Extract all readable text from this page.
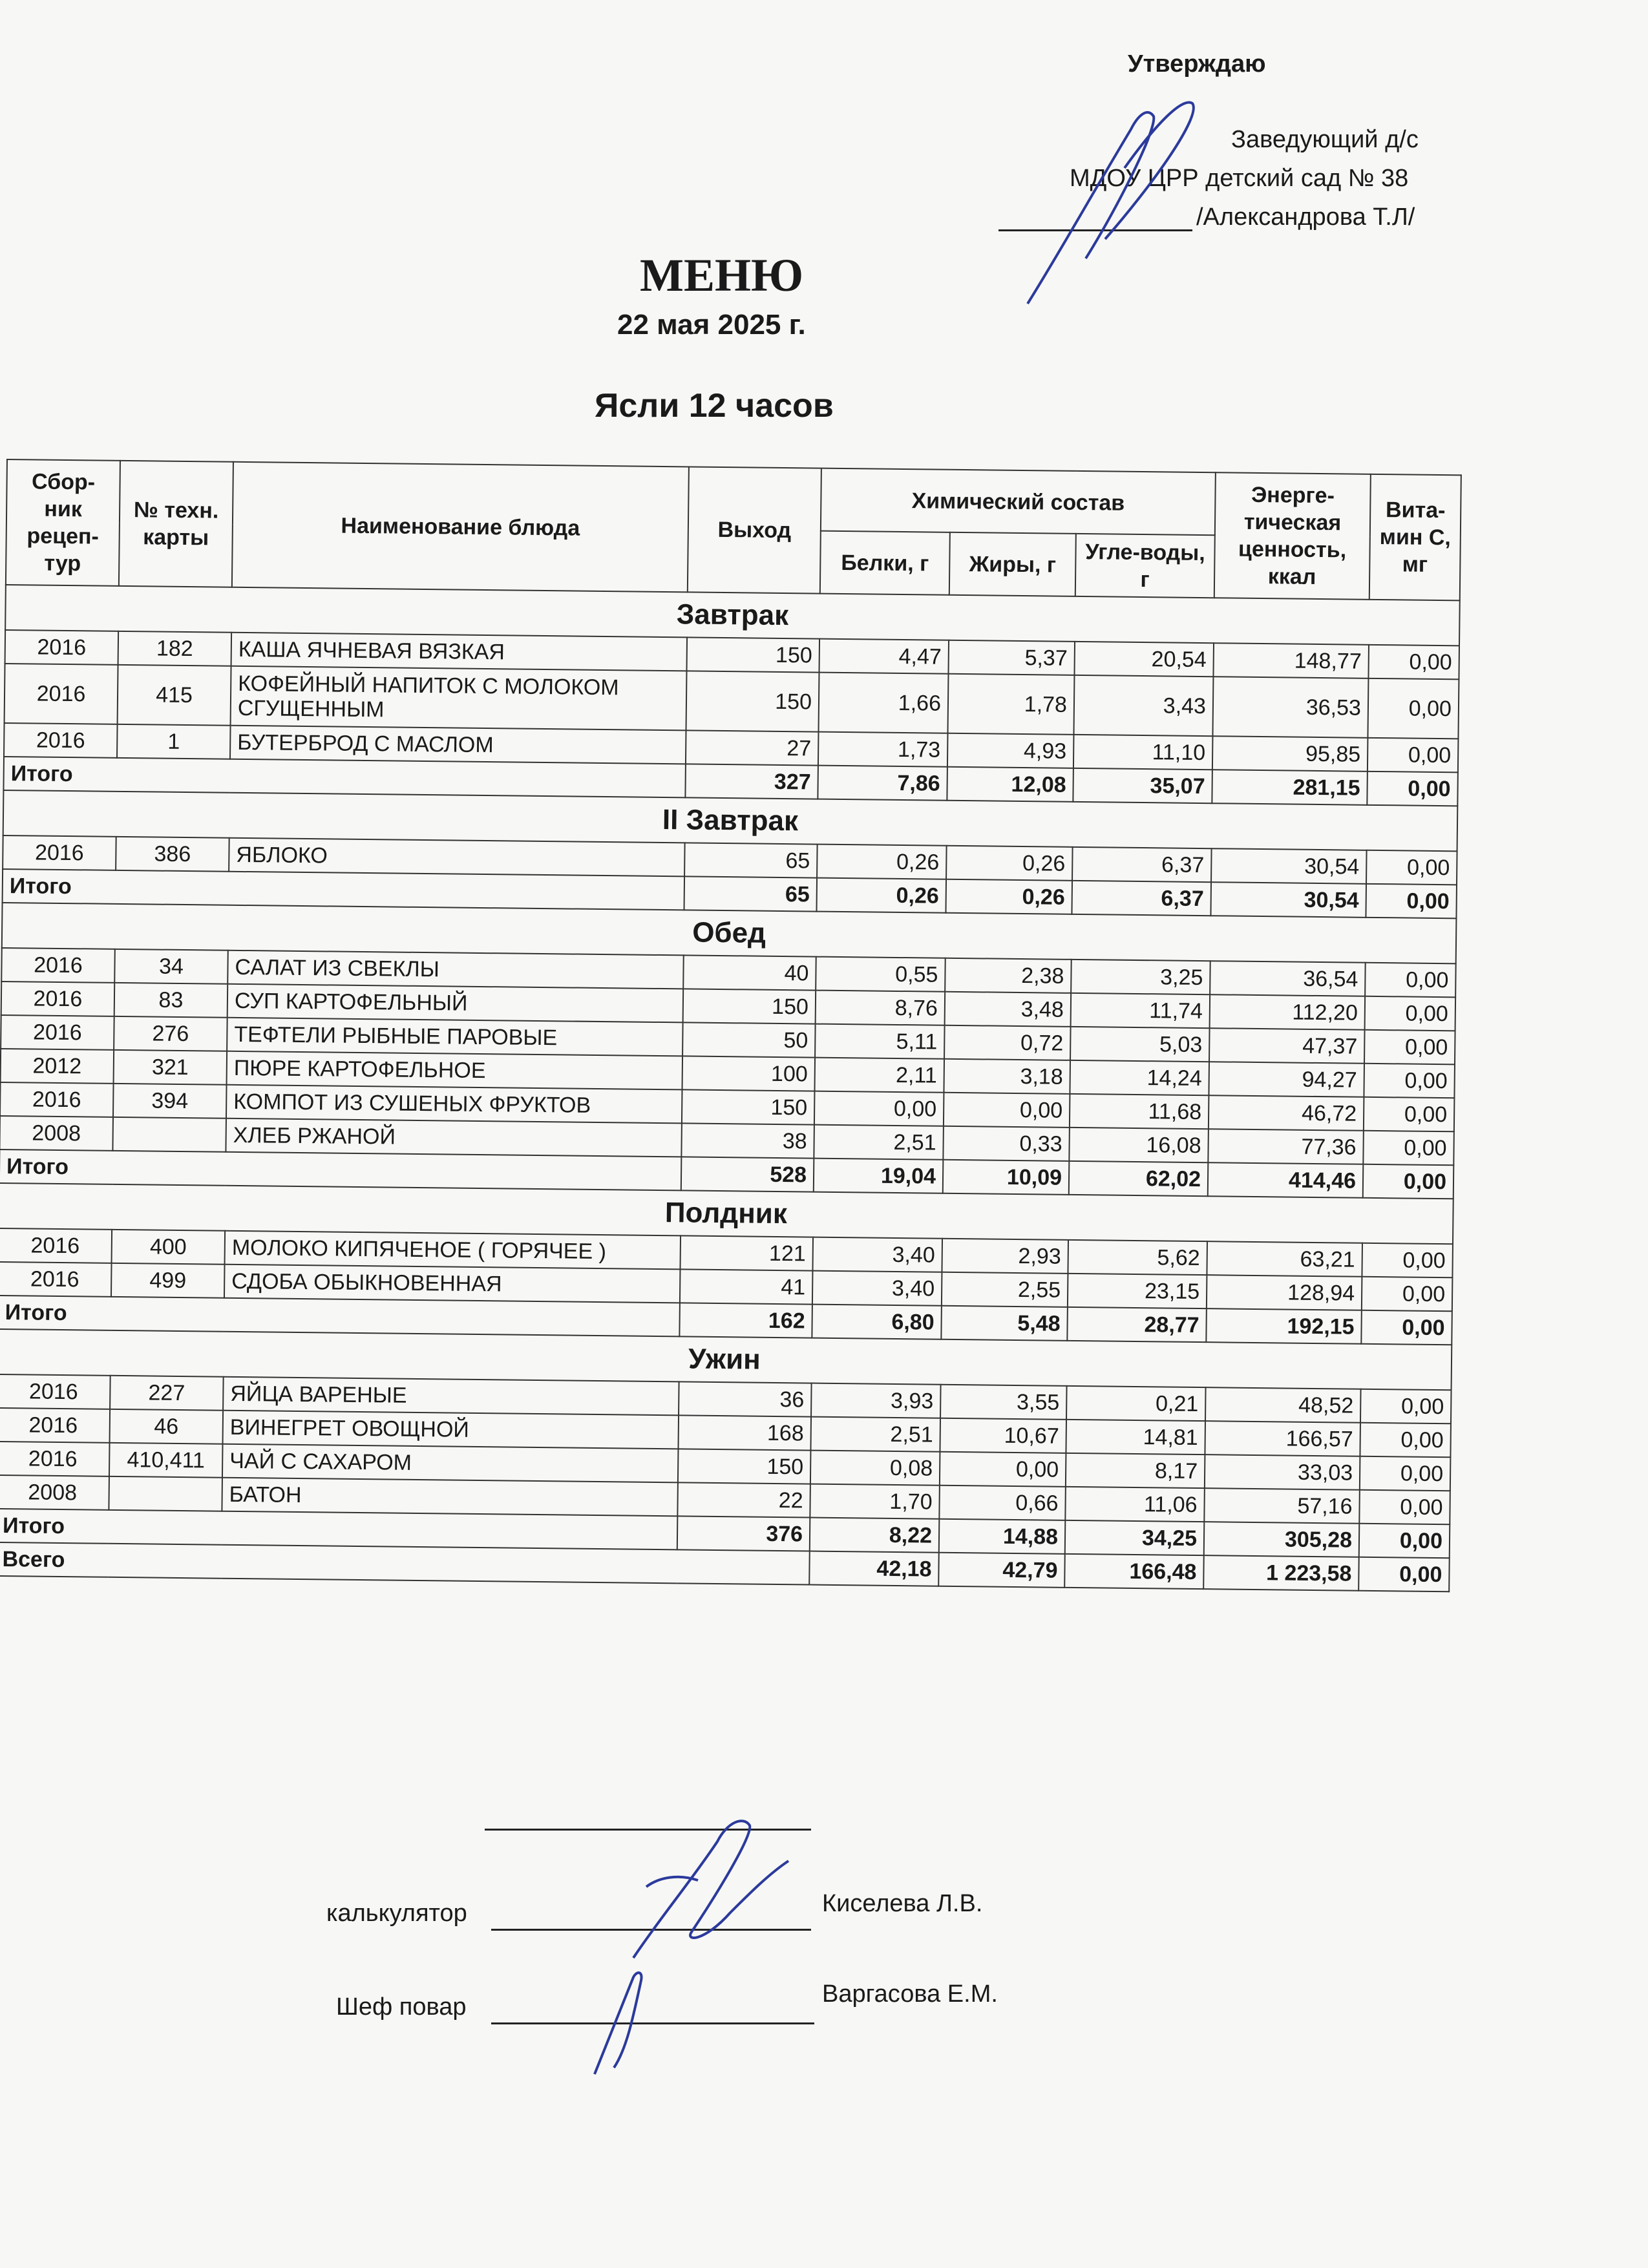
Утверждаю
Заведующий д/с
МДОУ ЦРР детский сад № 38
/Александрова Т.Л/
МЕНЮ
22 мая 2025 г.
Ясли 12 часов
Сбор-ник рецеп-тур	№ техн. карты	Наименование блюда	Выход	Химический состав			Энерге-тическая ценность, ккал	Вита-мин С, мг
				Белки, г	Жиры, г	Угле-воды, г		
Завтрак								
2016	182	КАША ЯЧНЕВАЯ ВЯЗКАЯ	150	4,47	5,37	20,54	148,77	0,00
2016	415	КОФЕЙНЫЙ НАПИТОК С МОЛОКОМ СГУЩЕННЫМ	150	1,66	1,78	3,43	36,53	0,00
2016	1	БУТЕРБРОД С МАСЛОМ	27	1,73	4,93	11,10	95,85	0,00
Итого			327	7,86	12,08	35,07	281,15	0,00
II Завтрак								
2016	386	ЯБЛОКО	65	0,26	0,26	6,37	30,54	0,00
Итого			65	0,26	0,26	6,37	30,54	0,00
Обед								
2016	34	САЛАТ ИЗ СВЕКЛЫ	40	0,55	2,38	3,25	36,54	0,00
2016	83	СУП КАРТОФЕЛЬНЫЙ	150	8,76	3,48	11,74	112,20	0,00
2016	276	ТЕФТЕЛИ РЫБНЫЕ ПАРОВЫЕ	50	5,11	0,72	5,03	47,37	0,00
2012	321	ПЮРЕ КАРТОФЕЛЬНОЕ	100	2,11	3,18	14,24	94,27	0,00
2016	394	КОМПОТ ИЗ СУШЕНЫХ ФРУКТОВ	150	0,00	0,00	11,68	46,72	0,00
2008		ХЛЕБ РЖАНОЙ	38	2,51	0,33	16,08	77,36	0,00
Итого			528	19,04	10,09	62,02	414,46	0,00
Полдник								
2016	400	МОЛОКО КИПЯЧЕНОЕ ( ГОРЯЧЕЕ )	121	3,40	2,93	5,62	63,21	0,00
2016	499	СДОБА ОБЫКНОВЕННАЯ	41	3,40	2,55	23,15	128,94	0,00
Итого			162	6,80	5,48	28,77	192,15	0,00
Ужин								
2016	227	ЯЙЦА ВАРЕНЫЕ	36	3,93	3,55	0,21	48,52	0,00
2016	46	ВИНЕГРЕТ ОВОЩНОЙ	168	2,51	10,67	14,81	166,57	0,00
2016	410,411	ЧАЙ С САХАРОМ	150	0,08	0,00	8,17	33,03	0,00
2008		БАТОН	22	1,70	0,66	11,06	57,16	0,00
Итого			376	8,22	14,88	34,25	305,28	0,00
Всего				42,18	42,79	166,48	1 223,58	0,00
калькулятор	Киселева Л.В.
Шеф повар	Варгасова Е.М.
